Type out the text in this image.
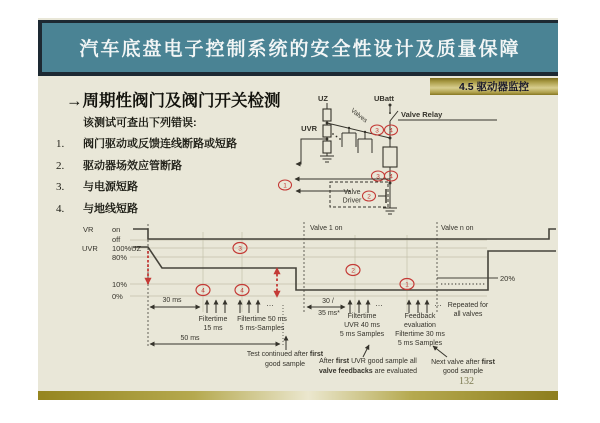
汽车底盘电子控制系统的安全性设计及质量保障
4.5 驱动器监控
→周期性阀门及阀门开关检测
该测试可查出下列错误:
1. 阀门驱动或反馈连线断路或短路
2. 驱动器场效应管断路
3. 与电源短路
4. 与地线短路
132
UZ
UVR
Valves
UBatt
Valve Relay
3 4
3 4
Valve
Driver
2
1
VR on
off
UVR 100%UZ
80%
10%
0%
20%
Valve 1 on	Valve n on
3
4	4
2
1
…	…	…
30 ms
50 ms
30 /
35 ms*
Filtertime
15 ms
Filtertime 50 ms
5 ms-Samples
Filtertime
UVR 40 ms
5 ms Samples
Feedback
evaluation
Filtertime 30 ms
5 ms Samples
Repeated for
all valves
Test continued after first
good sample After first UVR good sample all
valve feedbacks are evaluated
Next valve after first
good sample
